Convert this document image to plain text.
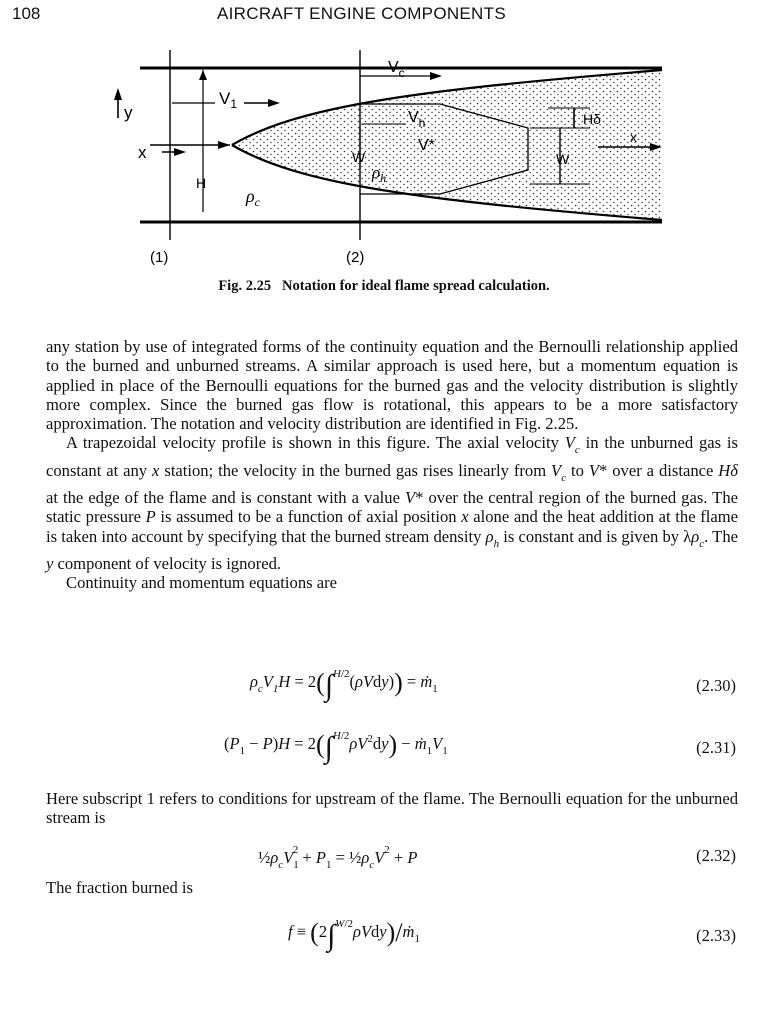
108	AIRCRAFT ENGINE COMPONENTS
y
x
x
(1)	(2)
H
$V_1$
$\rho_c$
$V_c$
$V_h$
V*
W
$\rho_h$
Hδ
W
Fig. 2.25 Notation for ideal flame spread calculation.

any station by use of integrated forms of the continuity equation and the Bernoulli relationship applied to the burned and unburned streams. A similar approach is used here, but a momentum equation is applied in place of the Bernoulli equations for the burned gas and the velocity distribution is slightly more complex. Since the burned gas flow is rotational, this appears to be a more satisfactory approximation. The notation and velocity distribution are identified in Fig. 2.25.

A trapezoidal velocity profile is shown in this figure. The axial velocity $V_c$ in the unburned gas is constant at any x station; the velocity in the burned gas rises linearly from $V_c$ to V* over a distance Hδ at the edge of the flame and is constant with a value V* over the central region of the burned gas. The static pressure P is assumed to be a function of axial position x alone and the heat addition at the flame is taken into account by specifying that the burned stream density $\rho_h$ is constant and is given by $\lambda\rho_c$. The y component of velocity is ignored.

Continuity and momentum equations are

$\rho_cV_1H = 2(\int^{H/2}(\rho Vdy))$ = ṁ$_1$	(2.30)
$(P_1 - P)H = 2(\int^{H/2}\rho V^2dy)$ − $ṁ_1V_1$	(2.31)
Here subscript 1 refers to conditions for upstream of the flame. The Bernoulli equation for the unburned stream is
$\frac{1}{2}\rho_cV_1^2 + P_1$ = $\frac{1}{2}\rho_cV^2 + P$	(2.32)
The fraction burned is
f ≡ (2∫$^{W/2}$ρVdy)/ṁ$_1$	(2.33)
